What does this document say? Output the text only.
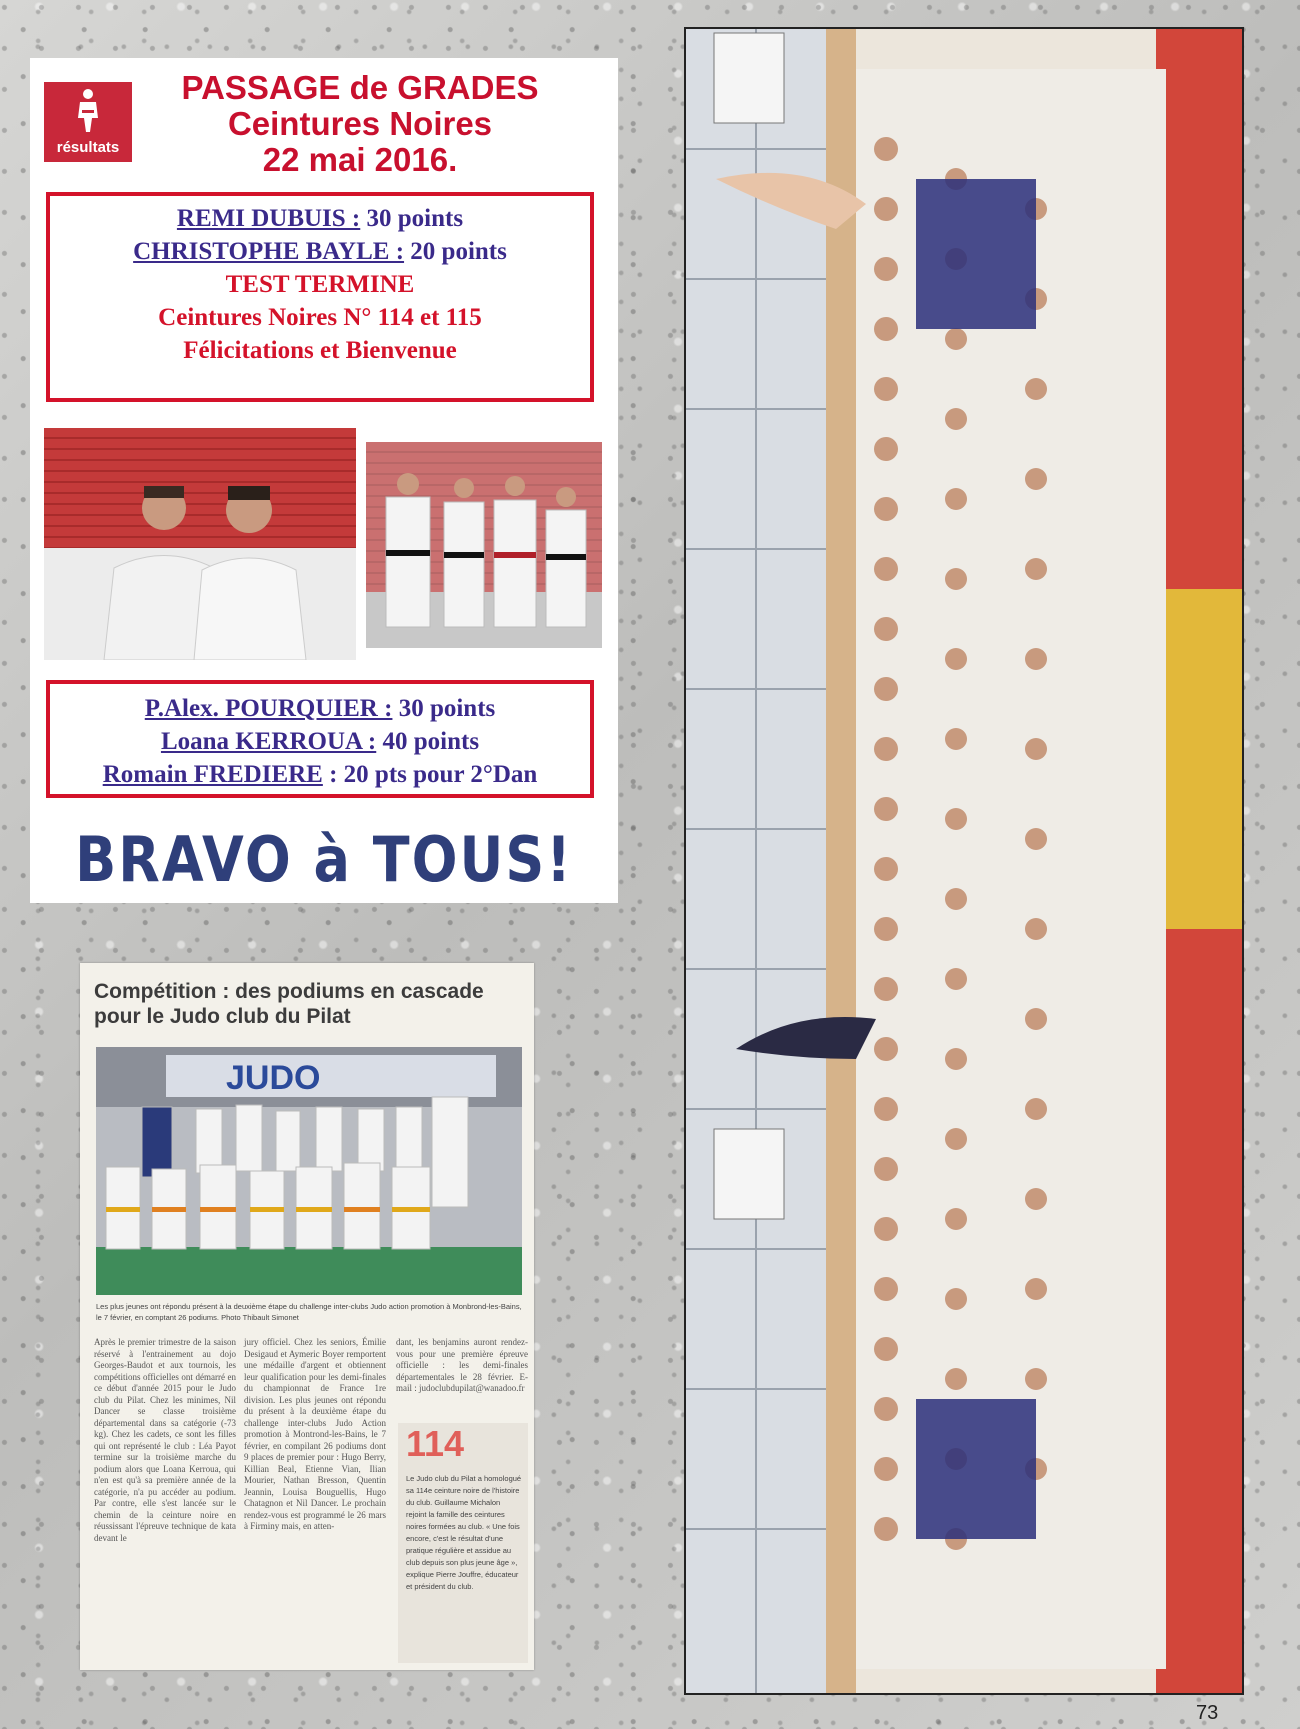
résultats
PASSAGE de GRADES
Ceintures Noires
22 mai 2016.
REMI DUBUIS : 30 points
CHRISTOPHE BAYLE : 20 points
TEST TERMINE
Ceintures Noires N° 114 et 115
Félicitations et Bienvenue
P.Alex. POURQUIER : 30 points
Loana KERROUA : 40 points
Romain FREDIERE : 20 pts pour 2°Dan
BRAVO à TOUS!
Compétition : des podiums en cascade pour le Judo club du Pilat
JUDO
Les plus jeunes ont répondu présent à la deuxième étape du challenge inter-clubs Judo action promotion à Monbrond-les-Bains, le 7 février, en comptant 26 podiums. Photo Thibault Simonet
Après le premier trimestre de la saison réservé à l'entrainement au dojo Georges-Baudot et aux tournois, les compétitions officielles ont démarré en ce début d'année 2015 pour le Judo club du Pilat. Chez les minimes, Nil Dancer se classe troisième départemental dans sa catégorie (-73 kg). Chez les cadets, ce sont les filles qui ont représenté le club : Léa Payot termine sur la troisième marche du podium alors que Loana Kerroua, qui n'en est qu'à sa première année de la catégorie, n'a pu accéder au podium. Par contre, elle s'est lancée sur le chemin de la ceinture noire en réussissant l'épreuve technique de kata devant le
jury officiel. Chez les seniors, Émilie Desigaud et Aymeric Boyer remportent une médaille d'argent et obtiennent leur qualification pour les demi-finales du championnat de France 1re division. Les plus jeunes ont répondu du présent à la deuxième étape du challenge inter-clubs Judo Action promotion à Montrond-les-Bains, le 7 février, en compilant 26 podiums dont 9 places de premier pour : Hugo Berry, Killian Beal, Etienne Vian, Ilian Mourier, Nathan Bresson, Quentin Jeannin, Louisa Bouguellis, Hugo Chatagnon et Nil Dancer. Le prochain rendez-vous est programmé le 26 mars à Firminy mais, en atten-
dant, les benjamins auront rendez-vous pour une première épreuve officielle : les demi-finales départementales le 28 février. E-mail : judoclubdupilat@wanadoo.fr
114
Le Judo club du Pilat a homologué sa 114e ceinture noire de l'histoire du club. Guillaume Michalon rejoint la famille des ceintures noires formées au club. « Une fois encore, c'est le résultat d'une pratique régulière et assidue au club depuis son plus jeune âge », explique Pierre Jouffre, éducateur et président du club.
73
